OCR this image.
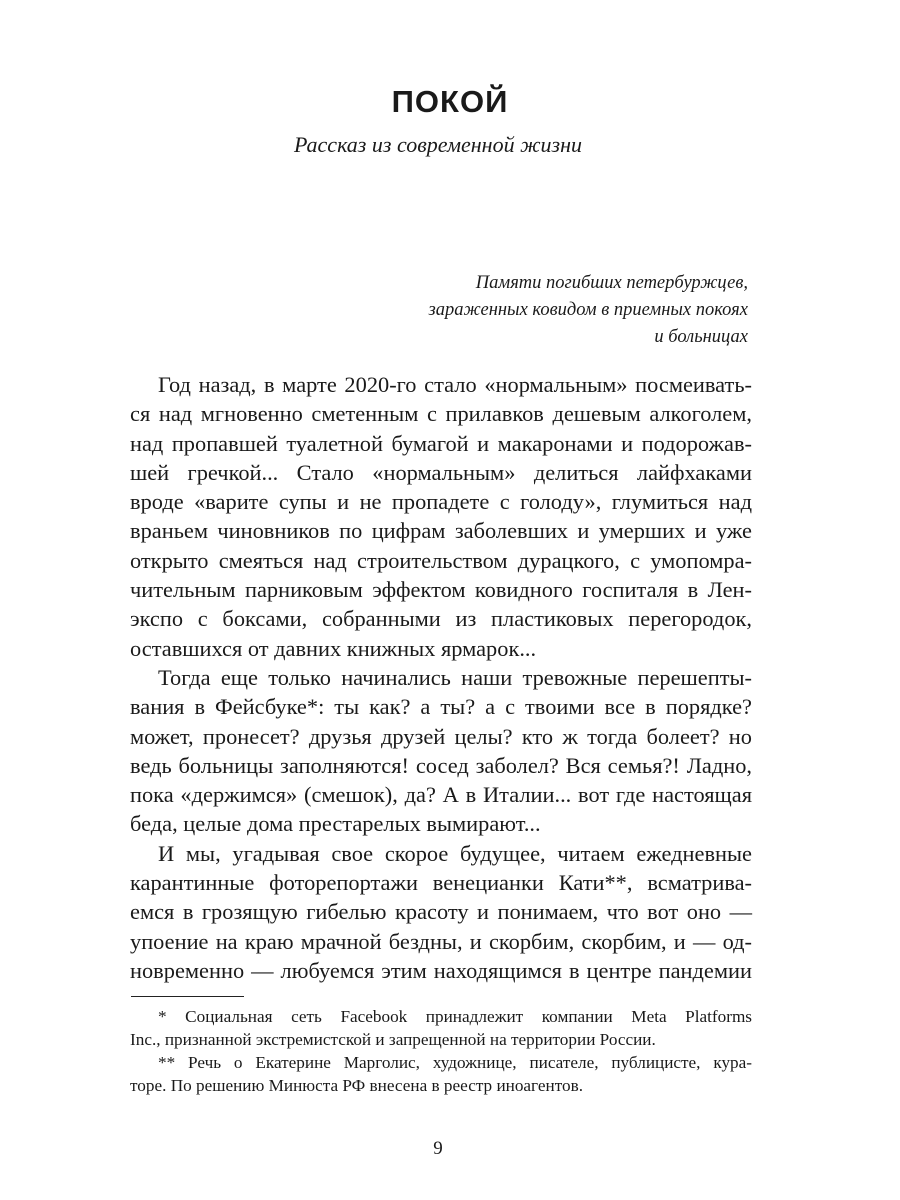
ПОКОЙ

Рассказ из современной жизни

Памяти погибших петербуржцев,
зараженных ковидом в приемных покоях
и больницах

Год назад, в марте 2020-го стало «нормальным» посмеивать-
ся над мгновенно сметенным с прилавков дешевым алкоголем,
над пропавшей туалетной бумагой и макаронами и подорожав-
шей гречкой... Стало «нормальным» делиться лайфхаками
вроде «варите супы и не пропадете с голоду», глумиться над
враньем чиновников по цифрам заболевших и умерших и уже
открыто смеяться над строительством дурацкого, с умопомра-
чительным парниковым эффектом ковидного госпиталя в Лен-
экспо с боксами, собранными из пластиковых перегородок,
оставшихся от давних книжных ярмарок...

Тогда еще только начинались наши тревожные перешепты-
вания в Фейсбуке*: ты как? а ты? а с твоими все в порядке?
может, пронесет? друзья друзей целы? кто ж тогда болеет? но
ведь больницы заполняются! сосед заболел? Вся семья?! Ладно,
пока «держимся» (смешок), да? А в Италии... вот где настоящая
беда, целые дома престарелых вымирают...

И мы, угадывая свое скорое будущее, читаем ежедневные
карантинные фоторепортажи венецианки Кати**, всматрива-
емся в грозящую гибелью красоту и понимаем, что вот оно —
упоение на краю мрачной бездны, и скорбим, скорбим, и — од-
новременно — любуемся этим находящимся в центре пандемии

* Социальная сеть Facebook принадлежит компании Meta Platforms
Inc., признанной экстремистской и запрещенной на территории России.
** Речь о Екатерине Марголис, художнице, писателе, публицисте, кура-
торе. По решению Минюста РФ внесена в реестр иноагентов.
9
